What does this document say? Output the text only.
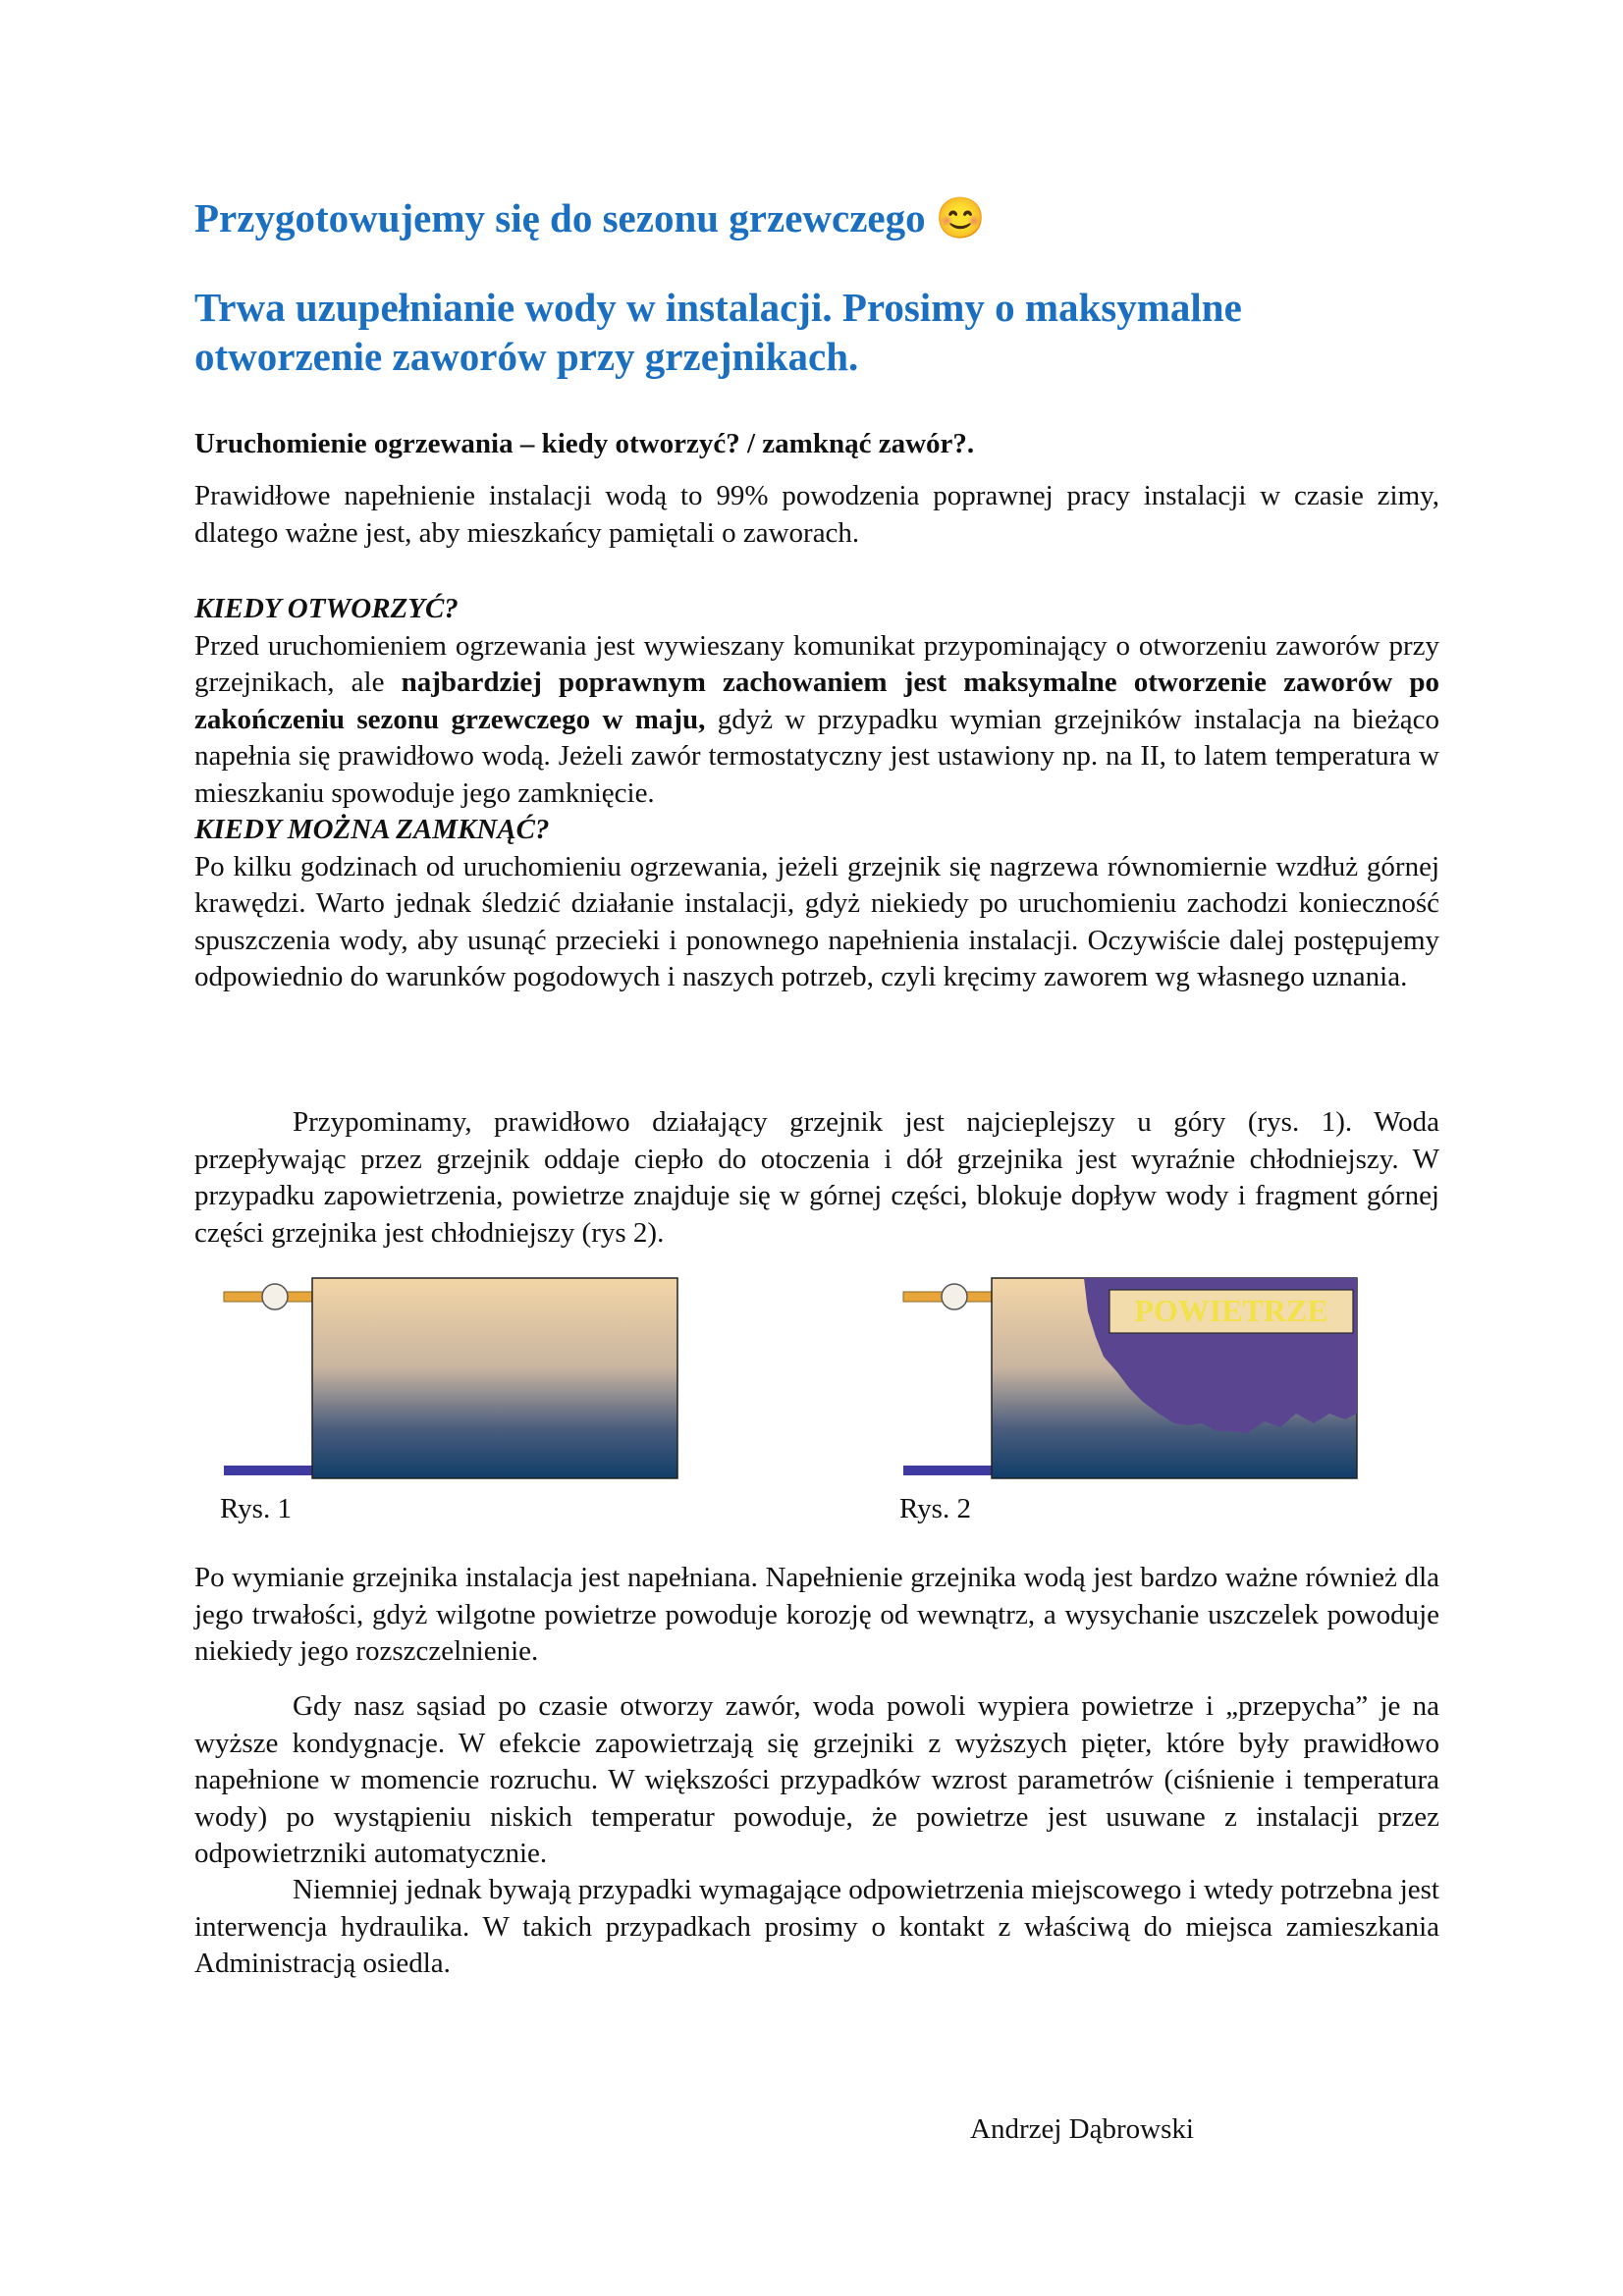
Przygotowujemy się do sezonu grzewczego 😊
Trwa uzupełnianie wody w instalacji. Prosimy o maksymalne otworzenie zaworów przy grzejnikach.
Uruchomienie ogrzewania – kiedy otworzyć? / zamknąć zawór?.

Prawidłowe napełnienie instalacji wodą to 99% powodzenia poprawnej pracy instalacji w czasie zimy, dlatego ważne jest, aby mieszkańcy pamiętali o zaworach.

KIEDY OTWORZYĆ?

Przed uruchomieniem ogrzewania jest wywieszany komunikat przypominający o otworzeniu zaworów przy grzejnikach, ale najbardziej poprawnym zachowaniem jest maksymalne otworzenie zaworów po zakończeniu sezonu grzewczego w maju, gdyż w przypadku wymian grzejników instalacja na bieżąco napełnia się prawidłowo wodą. Jeżeli zawór termostatyczny jest ustawiony np. na II, to latem temperatura w mieszkaniu spowoduje jego zamknięcie.

KIEDY MOŻNA ZAMKNĄĆ?

Po kilku godzinach od uruchomieniu ogrzewania, jeżeli grzejnik się nagrzewa równomiernie wzdłuż górnej krawędzi. Warto jednak śledzić działanie instalacji, gdyż niekiedy po uruchomieniu zachodzi konieczność spuszczenia wody, aby usunąć przecieki i ponownego napełnienia instalacji. Oczywiście dalej postępujemy odpowiednio do warunków pogodowych i naszych potrzeb, czyli kręcimy zaworem wg własnego uznania.

Przypominamy, prawidłowo działający grzejnik jest najcieplejszy u góry (rys. 1). Woda przepływając przez grzejnik oddaje ciepło do otoczenia i dół grzejnika jest wyraźnie chłodniejszy. W przypadku zapowietrzenia, powietrze znajduje się w górnej części, blokuje dopływ wody i fragment górnej części grzejnika jest chłodniejszy (rys 2).

Rys. 1
POWIETRZE
Rys. 2

Po wymianie grzejnika instalacja jest napełniana. Napełnienie grzejnika wodą jest bardzo ważne również dla jego trwałości, gdyż wilgotne powietrze powoduje korozję od wewnątrz, a wysychanie uszczelek powoduje niekiedy jego rozszczelnienie.

Gdy nasz sąsiad po czasie otworzy zawór, woda powoli wypiera powietrze i „przepycha” je na wyższe kondygnacje. W efekcie zapowietrzają się grzejniki z wyższych pięter, które były prawidłowo napełnione w momencie rozruchu. W większości przypadków wzrost parametrów (ciśnienie i temperatura wody) po wystąpieniu niskich temperatur powoduje, że powietrze jest usuwane z instalacji przez odpowietrzniki automatycznie.

Niemniej jednak bywają przypadki wymagające odpowietrzenia miejscowego i wtedy potrzebna jest interwencja hydraulika. W takich przypadkach prosimy o kontakt z właściwą do miejsca zamieszkania Administracją osiedla.

Andrzej Dąbrowski
